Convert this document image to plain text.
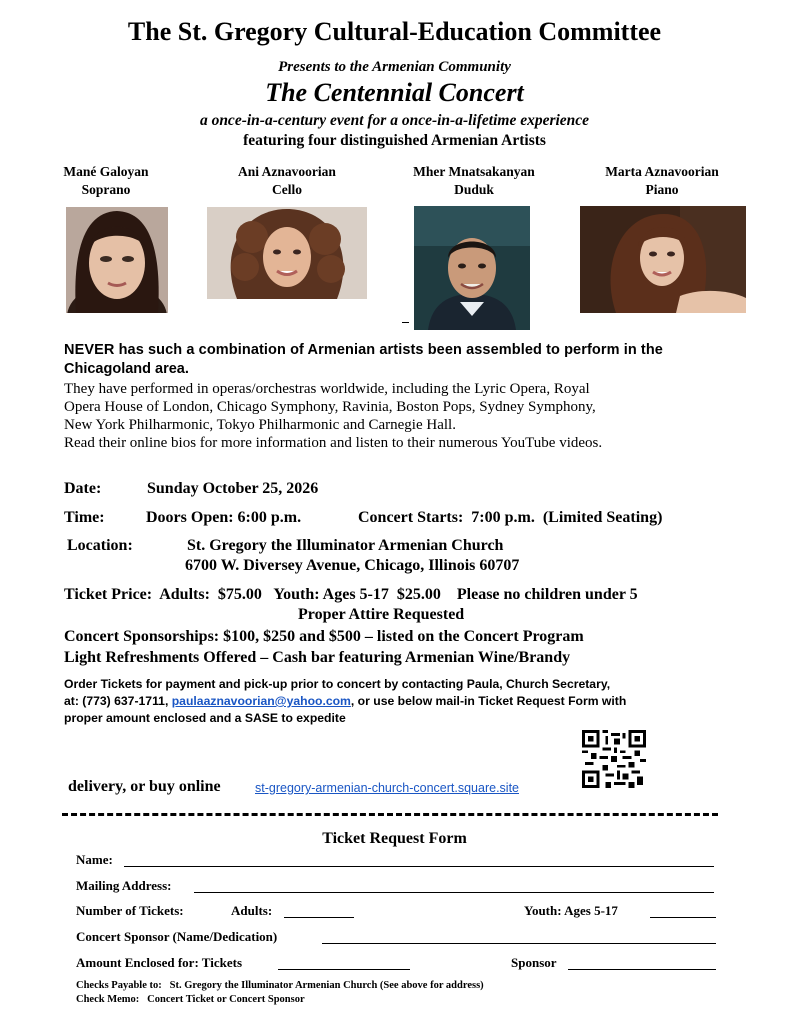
The St. Gregory Cultural-Education Committee
Presents to the Armenian Community
The Centennial Concert
a once-in-a-century event for a once-in-a-lifetime experience
featuring four distinguished Armenian Artists
Mané Galoyan
Soprano
Ani Aznavoorian
Cello
Mher Mnatsakanyan
Duduk
Marta Aznavoorian
Piano
NEVER has such a combination of Armenian artists been assembled to perform in the
Chicagoland area.
They have performed in operas/orchestras worldwide, including the Lyric Opera, Royal
Opera House of London, Chicago Symphony, Ravinia, Boston Pops, Sydney Symphony,
New York Philharmonic, Tokyo Philharmonic and Carnegie Hall.
Read their online bios for more information and listen to their numerous YouTube videos.
Date:	Sunday October 25, 2026
Time:	Doors Open: 6:00 p.m.	Concert Starts:  7:00 p.m.  (Limited Seating)
Location:	St. Gregory the Illuminator Armenian Church
6700 W. Diversey Avenue, Chicago, Illinois 60707
Ticket Price:  Adults:  $75.00   Youth: Ages 5-17  $25.00    Please no children under 5
Proper Attire Requested
Concert Sponsorships: $100, $250 and $500 – listed on the Concert Program
Light Refreshments Offered – Cash bar featuring Armenian Wine/Brandy
Order Tickets for payment and pick-up prior to concert by contacting Paula, Church Secretary,
at: (773) 637-1711, paulaaznavoorian@yahoo.com, or use below mail-in Ticket Request Form with
proper amount enclosed and a SASE to expedite
delivery, or buy online	st-gregory-armenian-church-concert.square.site
Ticket Request Form
Name:
Mailing Address:
Number of Tickets:	Adults:	Youth: Ages 5-17
Concert Sponsor (Name/Dedication)
Amount Enclosed for: Tickets	Sponsor
Checks Payable to: St. Gregory the Illuminator Armenian Church (See above for address)
Check Memo: Concert Ticket or Concert Sponsor
